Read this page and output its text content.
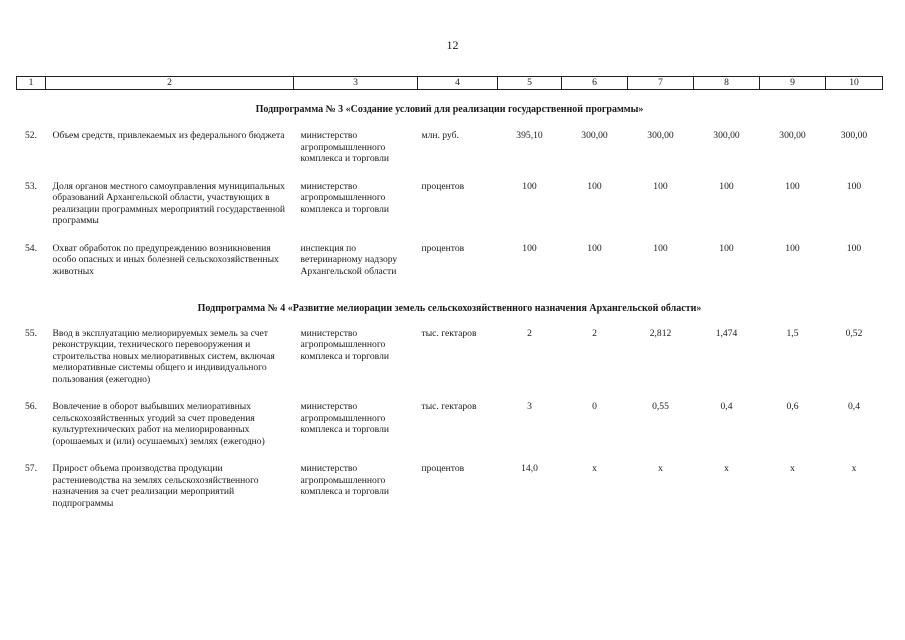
12
1	2	3	4	5	6	7	8	9	10
Подпрограмма № 3 «Создание условий для реализации государственной программы»									
52.	Объем средств, привлекаемых из федерального бюджета	министерство агропромышленного комплекса и торговли	млн. руб.	395,10	300,00	300,00	300,00	300,00	300,00
53.	Доля органов местного самоуправления муниципальных образований Архангельской области, участвующих в реализации программных мероприятий государственной программы	министерство агропромышленного комплекса и торговли	процентов	100	100	100	100	100	100
54.	Охват обработок по предупреждению возникновения особо опасных и иных болезней сельскохозяйственных животных	инспекция по ветеринарному надзору Архангельской области	процентов	100	100	100	100	100	100
Подпрограмма № 4 «Развитие мелиорации земель сельскохозяйственного назначения Архангельской области»									
55.	Ввод в эксплуатацию мелиорируемых земель за счет реконструкции, технического перевооружения и строительства новых мелиоративных систем, включая мелиоративные системы общего и индивидуального пользования (ежегодно)	министерство агропромышленного комплекса и торговли	тыс. гектаров	2	2	2,812	1,474	1,5	0,52
56.	Вовлечение в оборот выбывших мелиоративных сельскохозяйственных угодий за счет проведения культуртехнических работ на мелиорированных (орошаемых и (или) осушаемых) землях (ежегодно)	министерство агропромышленного комплекса и торговли	тыс. гектаров	3	0	0,55	0,4	0,6	0,4
57.	Прирост объема производства продукции растениеводства на землях сельскохозяйственного назначения за счет реализации мероприятий подпрограммы	министерство агропромышленного комплекса и торговли	процентов	14,0	х	х	х	х	х
